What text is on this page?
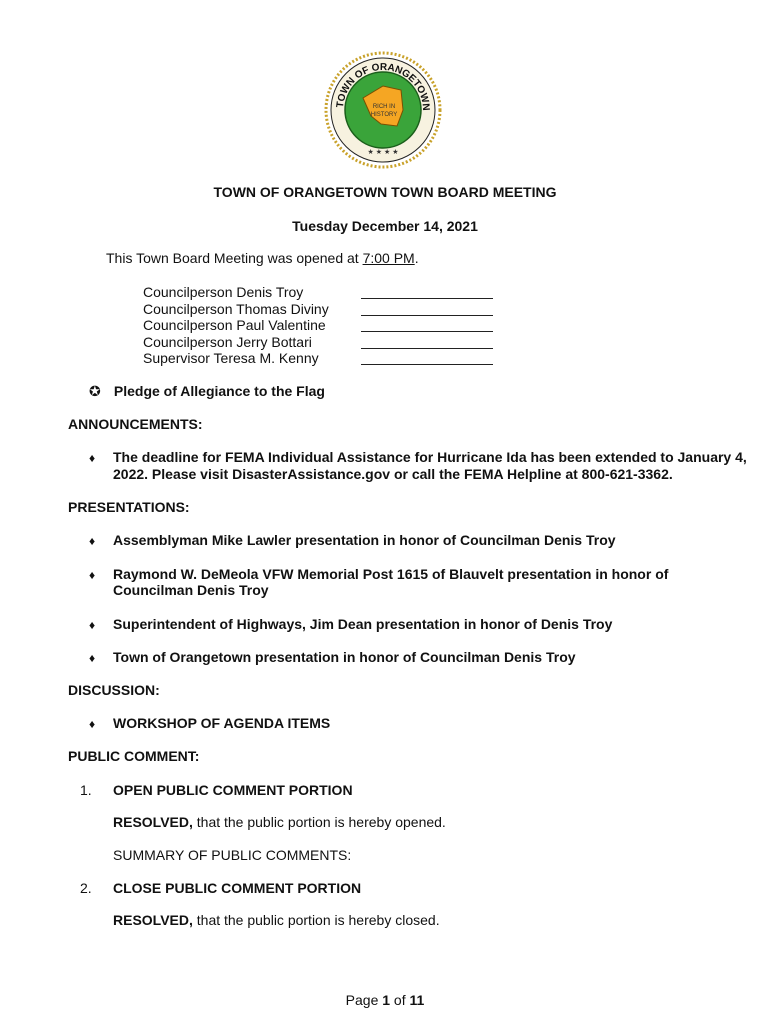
TOWN OF ORANGETOWN
RICH IN
HISTORY
★ ★ ★ ★
TOWN OF ORANGETOWN TOWN BOARD MEETING
Tuesday December 14, 2021
This Town Board Meeting was opened at 7:00 PM.
Councilperson Denis Troy
Councilperson Thomas Diviny
Councilperson Paul Valentine
Councilperson Jerry Bottari
Supervisor Teresa M. Kenny
✪ Pledge of Allegiance to the Flag
ANNOUNCEMENTS:
♦ The deadline for FEMA Individual Assistance for Hurricane Ida has been extended to January 4,
2022. Please visit DisasterAssistance.gov or call the FEMA Helpline at 800-621-3362.
PRESENTATIONS:
♦ Assemblyman Mike Lawler presentation in honor of Councilman Denis Troy
♦ Raymond W. DeMeola VFW Memorial Post 1615 of Blauvelt presentation in honor of
Councilman Denis Troy
♦ Superintendent of Highways, Jim Dean presentation in honor of Denis Troy
♦ Town of Orangetown presentation in honor of Councilman Denis Troy
DISCUSSION:
♦ WORKSHOP OF AGENDA ITEMS
PUBLIC COMMENT:
1. OPEN PUBLIC COMMENT PORTION
RESOLVED, that the public portion is hereby opened.
SUMMARY OF PUBLIC COMMENTS:
2. CLOSE PUBLIC COMMENT PORTION
RESOLVED, that the public portion is hereby closed.
Page 1 of 11
